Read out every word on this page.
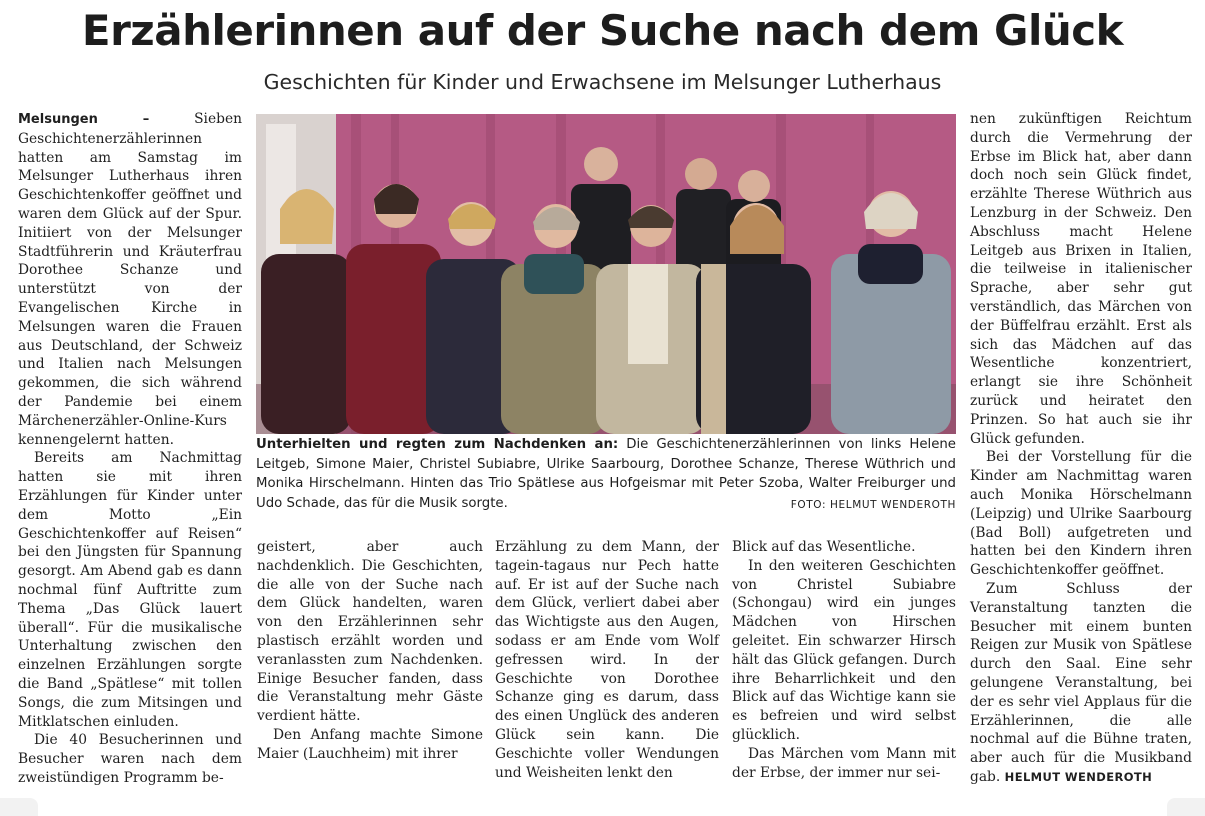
Erzählerinnen auf der Suche nach dem Glück
Geschichten für Kinder und Erwachsene im Melsunger Lutherhaus

Melsungen –	Sieben Geschichtenerzählerinnen hatten am Samstag im Melsunger Lutherhaus ihren Geschichtenkoffer geöffnet und waren dem Glück auf der Spur. Initiiert von der Melsunger Stadtführerin und Kräuterfrau Dorothee Schanze und unterstützt von der Evangelischen Kirche in Melsungen waren die Frauen aus Deutschland, der Schweiz und Italien nach Melsungen gekommen, die sich während der Pandemie bei einem Märchenerzähler-Online-Kurs kennengelernt hatten.

Bereits am Nachmittag hatten sie mit ihren Erzählungen für Kinder unter dem Motto „Ein Geschichtenkoffer auf Reisen“ bei den Jüngsten für Spannung gesorgt. Am Abend gab es dann nochmal fünf Auftritte zum Thema „Das Glück lauert überall“. Für die musikalische Unterhaltung zwischen den einzelnen Erzählungen sorgte die Band „Spätlese“ mit tollen Songs, die zum Mitsingen und Mitklatschen einluden.

Die 40 Besucherinnen und Besucher waren nach dem zweistündigen Programm be-

Unterhielten und regten zum Nachdenken an: Die Geschichtenerzählerinnen von links Helene Leitgeb, Simone Maier, Christel Subiabre, Ulrike Saarbourg, Dorothee Schanze, Therese Wüthrich und Monika Hirschelmann. Hinten das Trio Spätlese aus Hofgeismar mit Peter Szoba, Walter Freiburger und Udo Schade, das für die Musik sorgte.	FOTO: HELMUT WENDEROTH

geistert, aber auch nachdenklich. Die Geschichten, die alle von der Suche nach dem Glück handelten, waren von den Erzählerinnen sehr plastisch erzählt worden und veranlassten zum Nachdenken. Einige Besucher fanden, dass die Veranstaltung mehr Gäste verdient hätte.

Den Anfang machte Simone Maier (Lauchheim) mit ihrer

Erzählung zu dem Mann, der tagein-tagaus nur Pech hatte auf. Er ist auf der Suche nach dem Glück, verliert dabei aber das Wichtigste aus den Augen, sodass er am Ende vom Wolf gefressen wird. In der Geschichte von Dorothee Schanze ging es darum, dass des einen Unglück des anderen Glück sein kann. Die Geschichte voller Wendungen und Weisheiten lenkt den

Blick auf das Wesentliche.

In den weiteren Geschichten von Christel Subiabre (Schongau) wird ein junges Mädchen von Hirschen geleitet. Ein schwarzer Hirsch hält das Glück gefangen. Durch ihre Beharrlichkeit und den Blick auf das Wichtige kann sie es befreien und wird selbst glücklich.

Das Märchen vom Mann mit der Erbse, der immer nur sei-

nen zukünftigen Reichtum durch die Vermehrung der Erbse im Blick hat, aber dann doch noch sein Glück findet, erzählte Therese Wüthrich aus Lenzburg in der Schweiz. Den Abschluss macht Helene Leitgeb aus Brixen in Italien, die teilweise in italienischer Sprache, aber sehr gut verständlich, das Märchen von der Büffelfrau erzählt. Erst als sich das Mädchen auf das Wesentliche konzentriert, erlangt sie ihre Schönheit zurück und heiratet den Prinzen. So hat auch sie ihr Glück gefunden.

Bei der Vorstellung für die Kinder am Nachmittag waren auch Monika Hörschelmann (Leipzig) und Ulrike Saarbourg (Bad Boll) aufgetreten und hatten bei den Kindern ihren Geschichtenkoffer geöffnet.

Zum Schluss der Veranstaltung tanzten die Besucher mit einem bunten Reigen zur Musik von Spätlese durch den Saal. Eine sehr gelungene Veranstaltung, bei der es sehr viel Applaus für die Erzählerinnen, die alle nochmal auf die Bühne traten, aber auch für die Musikband gab. HELMUT WENDEROTH
